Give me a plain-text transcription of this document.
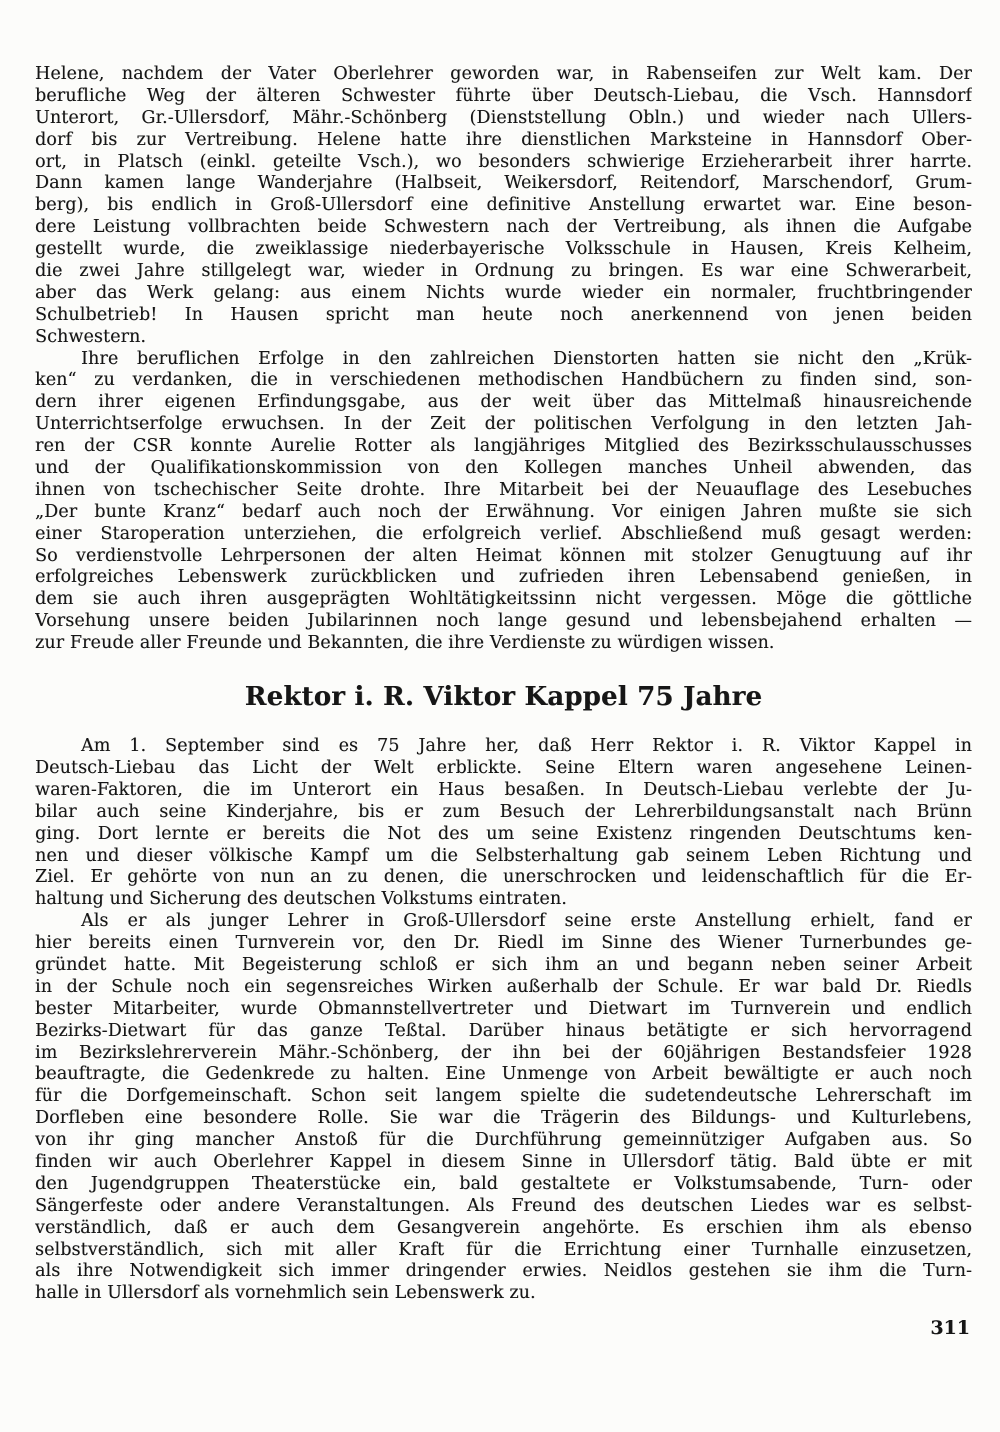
Helene, nachdem der Vater Oberlehrer geworden war, in Rabenseifen zur Welt kam. Der
berufliche Weg der älteren Schwester führte über Deutsch-Liebau, die Vsch. Hannsdorf
Unterort, Gr.-Ullersdorf, Mähr.-Schönberg (Dienststellung Obln.) und wieder nach Ullers-
dorf bis zur Vertreibung. Helene hatte ihre dienstlichen Marksteine in Hannsdorf Ober-
ort, in Platsch (einkl. geteilte Vsch.), wo besonders schwierige Erzieherarbeit ihrer harrte.
Dann kamen lange Wanderjahre (Halbseit, Weikersdorf, Reitendorf, Marschendorf, Grum-
berg), bis endlich in Groß-Ullersdorf eine definitive Anstellung erwartet war. Eine beson-
dere Leistung vollbrachten beide Schwestern nach der Vertreibung, als ihnen die Aufgabe
gestellt wurde, die zweiklassige niederbayerische Volksschule in Hausen, Kreis Kelheim,
die zwei Jahre stillgelegt war, wieder in Ordnung zu bringen. Es war eine Schwerarbeit,
aber das Werk gelang: aus einem Nichts wurde wieder ein normaler, fruchtbringender
Schulbetrieb! In Hausen spricht man heute noch anerkennend von jenen beiden
Schwestern.
Ihre beruflichen Erfolge in den zahlreichen Dienstorten hatten sie nicht den „Krük-
ken“ zu verdanken, die in verschiedenen methodischen Handbüchern zu finden sind, son-
dern ihrer eigenen Erfindungsgabe, aus der weit über das Mittelmaß hinausreichende
Unterrichtserfolge erwuchsen. In der Zeit der politischen Verfolgung in den letzten Jah-
ren der CSR konnte Aurelie Rotter als langjähriges Mitglied des Bezirksschulausschusses
und der Qualifikationskommission von den Kollegen manches Unheil abwenden, das
ihnen von tschechischer Seite drohte. Ihre Mitarbeit bei der Neuauflage des Lesebuches
„Der bunte Kranz“ bedarf auch noch der Erwähnung. Vor einigen Jahren mußte sie sich
einer Staroperation unterziehen, die erfolgreich verlief. Abschließend muß gesagt werden:
So verdienstvolle Lehrpersonen der alten Heimat können mit stolzer Genugtuung auf ihr
erfolgreiches Lebenswerk zurückblicken und zufrieden ihren Lebensabend genießen, in
dem sie auch ihren ausgeprägten Wohltätigkeitssinn nicht vergessen. Möge die göttliche
Vorsehung unsere beiden Jubilarinnen noch lange gesund und lebensbejahend erhalten —
zur Freude aller Freunde und Bekannten, die ihre Verdienste zu würdigen wissen.
Rektor i. R. Viktor Kappel 75 Jahre
Am 1. September sind es 75 Jahre her, daß Herr Rektor i. R. Viktor Kappel in
Deutsch-Liebau das Licht der Welt erblickte. Seine Eltern waren angesehene Leinen-
waren-Faktoren, die im Unterort ein Haus besaßen. In Deutsch-Liebau verlebte der Ju-
bilar auch seine Kinderjahre, bis er zum Besuch der Lehrerbildungsanstalt nach Brünn
ging. Dort lernte er bereits die Not des um seine Existenz ringenden Deutschtums ken-
nen und dieser völkische Kampf um die Selbsterhaltung gab seinem Leben Richtung und
Ziel. Er gehörte von nun an zu denen, die unerschrocken und leidenschaftlich für die Er-
haltung und Sicherung des deutschen Volkstums eintraten.
Als er als junger Lehrer in Groß-Ullersdorf seine erste Anstellung erhielt, fand er
hier bereits einen Turnverein vor, den Dr. Riedl im Sinne des Wiener Turnerbundes ge-
gründet hatte. Mit Begeisterung schloß er sich ihm an und begann neben seiner Arbeit
in der Schule noch ein segensreiches Wirken außerhalb der Schule. Er war bald Dr. Riedls
bester Mitarbeiter, wurde Obmannstellvertreter und Dietwart im Turnverein und endlich
Bezirks-Dietwart für das ganze Teßtal. Darüber hinaus betätigte er sich hervorragend
im Bezirkslehrerverein Mähr.-Schönberg, der ihn bei der 60jährigen Bestandsfeier 1928
beauftragte, die Gedenkrede zu halten. Eine Unmenge von Arbeit bewältigte er auch noch
für die Dorfgemeinschaft. Schon seit langem spielte die sudetendeutsche Lehrerschaft im
Dorfleben eine besondere Rolle. Sie war die Trägerin des Bildungs- und Kulturlebens,
von ihr ging mancher Anstoß für die Durchführung gemeinnütziger Aufgaben aus. So
finden wir auch Oberlehrer Kappel in diesem Sinne in Ullersdorf tätig. Bald übte er mit
den Jugendgruppen Theaterstücke ein, bald gestaltete er Volkstumsabende, Turn- oder
Sängerfeste oder andere Veranstaltungen. Als Freund des deutschen Liedes war es selbst-
verständlich, daß er auch dem Gesangverein angehörte. Es erschien ihm als ebenso
selbstverständlich, sich mit aller Kraft für die Errichtung einer Turnhalle einzusetzen,
als ihre Notwendigkeit sich immer dringender erwies. Neidlos gestehen sie ihm die Turn-
halle in Ullersdorf als vornehmlich sein Lebenswerk zu.
311
